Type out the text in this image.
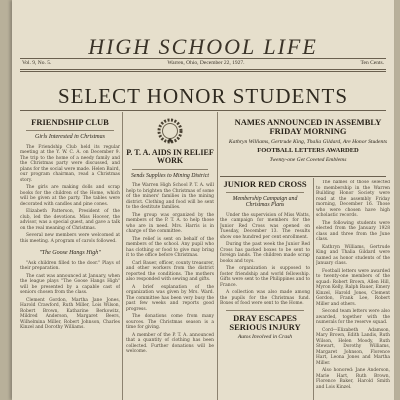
HIGH SCHOOL LIFE
Vol. 9, No. 5.	Warren, Ohio, December 22, 1927.	Ten Cents.
SELECT HONOR STUDENTS
FRIENDSHIP CLUB
Girls Interested in Christmas

The Friendship Club held its regular meeting at the Y. W. C. A. on December 9. The trip to the home of a needy family and the Christmas party were discussed, and plans for the social were made. Helen Baird, our program chairman, read a Christmas story.

The girls are making dolls and scrap books for the children of the Home, which will be given at the party. The tables were decorated with candles and pine cones.

Elizabeth Patterson, President of the club, led the devotions. Miss Hoover, the advisor, was a special guest, and gave a talk on the real meaning of Christmas.

Several new members were welcomed at this meeting. A program of carols followed.

"The Goose Hangs High"

"Ask children filled to the door." Plays of their preparation.

The cast was announced at January, when the league plays "The Goose Hangs High" will be presented by a capable cast of seniors chosen from the class.

Clement Gordon, Martha Jane Jones, Harold Crawford, Ruth Miller, Lois Wilson, Robert Brown, Katharine Berkowitz, Mildred Anderson, Margaret Beers, Wilhelmina Miller, Robert Johnson, Charles Kinzel and Dorothy Williams.

P. T. A. AIDS IN RELIEF WORK
Sends Supplies to Mining District

The Warren High School P. T. A. will help to brighten the Christmas of some of the miners' families in the mining district. Clothing and food will be sent to the destitute families.

The group was organized by the members of the P. T. A. to help those who are in need. Mrs. Harris is in charge of the committee.

The relief is sent on behalf of the members of the school. Any pupil who has clothing or food to give may bring it to the office before Christmas.

Carl Bauer, officer, county treasurer, and other workers from the district reported the conditions. The mothers also responded with sewing and gifts.

A brief explanation of the organization was given by Mrs. Ward. The committee has been very busy the past few weeks and reports good progress.

The donations come from many sources. The Christmas season is a time for giving.

A member of the P. T. A. announced that a quantity of clothing has been collected. Further donations will be welcome.

NAMES ANNOUNCED IN ASSEMBLY FRIDAY MORNING
Kathryn Williams, Gertrude King, Thalia Gildard, Are Honor Students
FOOTBALL LETTERS AWARDED
Twenty-one Get Coveted Emblems
JUNIOR RED CROSS
Membership Campaign and Christmas Plans

Under the supervision of Miss Watts, the campaign for members for the Junior Red Cross was opened on Tuesday, December 13. The results show one hundred per cent enrollment.

During the past week the Junior Red Cross has packed boxes to be sent to foreign lands. The children made scrap books and toys.

The organization is supposed to foster friendship and world fellowship. Gifts were sent to the Philippines and to France.

A collection was also made among the pupils for the Christmas fund. Boxes of food were sent to the Home.

DRAY ESCAPES SERIOUS INJURY
Autos Involved in Crash

The names of those selected to membership in the Warren Building Honor Society were read at the assembly Friday morning, December 16. Those who were chosen have high scholastic records.

The following students were elected from the January 1928 class and three from the June class.

Kathryn Williams, Gertrude King and Thalia Gildard were named as honor students of the January class.

Football letters were awarded to twenty-one members of the squad: Robert Brown, Allen Hill, Myron Kelly, Ralph Bauer, Emery Kinzel, Harold Jones, Clement Gordon, Frank Lee, Robert Miller and others.

Second team letters were also awarded, together with the numerals for the reserve squad.

Cord—Elizabeth Adamson, Mary Brown, Edith Landis, Ruth Wilson, Helen Moody, Ruth Stewart, Dorothy Williams, Margaret Johnson, Florence Hart, Leona Jones and Martha Miller.

Also honored: Jane Anderson, Marie Hart, Ruth Brown, Florence Baker, Harold Smith and Lois Kinzel.
